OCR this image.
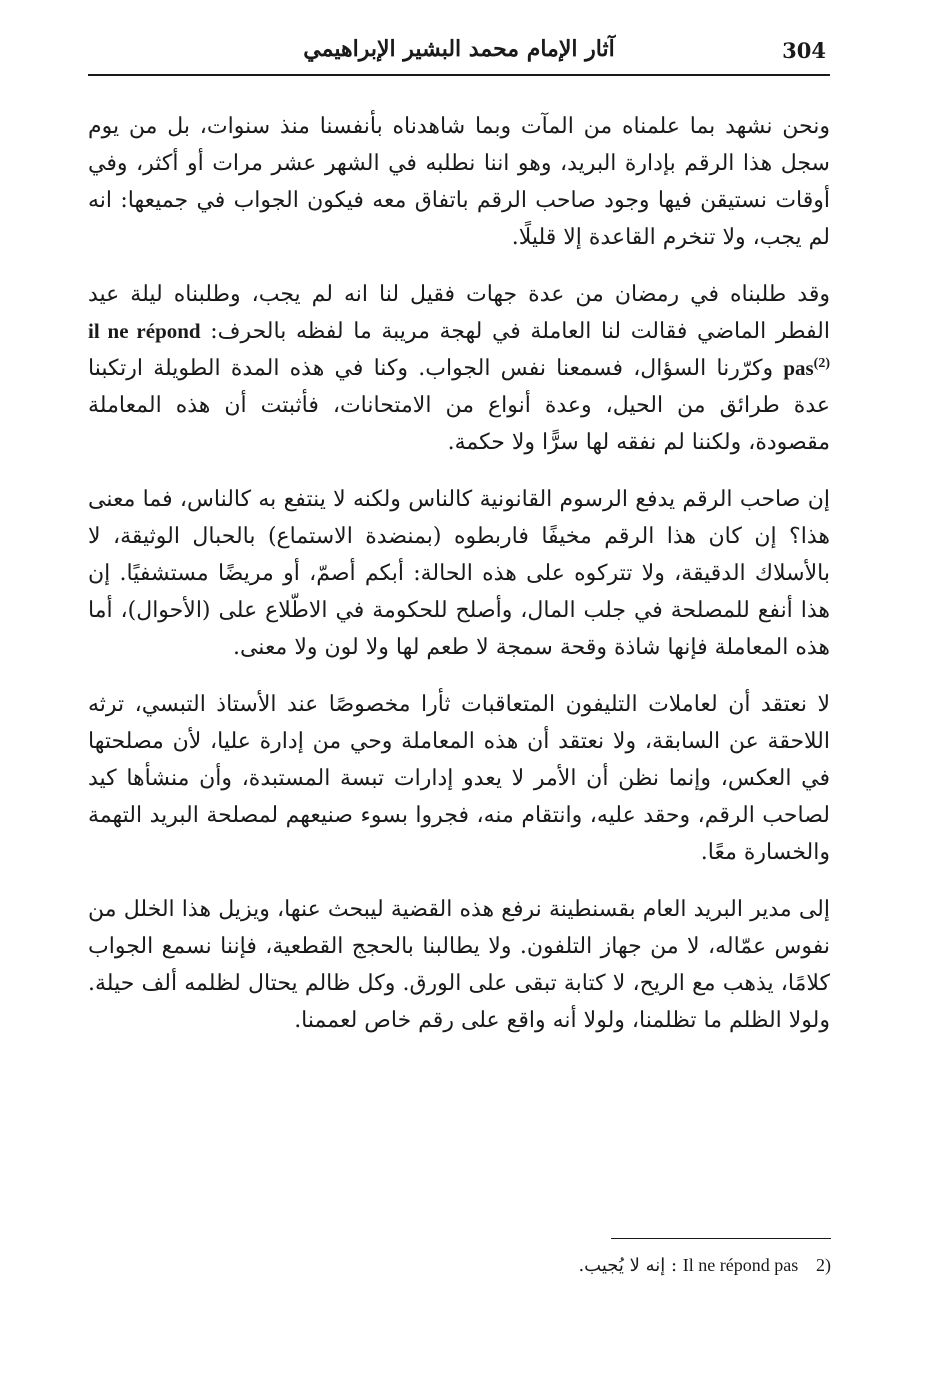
304
آثار الإمام محمد البشير الإبراهيمي

ونحن نشهد بما علمناه من المآت وبما شاهدناه بأنفسنا منذ سنوات، بل من يوم سجل هذا الرقم بإدارة البريد، وهو اننا نطلبه في الشهر عشر مرات أو أكثر، وفي أوقات نستيقن فيها وجود صاحب الرقم باتفاق معه فيكون الجواب في جميعها: انه لم يجب، ولا تنخرم القاعدة إلا قليلًا.

وقد طلبناه في رمضان من عدة جهات فقيل لنا انه لم يجب، وطلبناه ليلة عيد الفطر الماضي فقالت لنا العاملة في لهجة مريبة ما لفظه بالحرف: il ne répond pas$^{(2)}$ وكرّرنا السؤال، فسمعنا نفس الجواب. وكنا في هذه المدة الطويلة ارتكبنا عدة طرائق من الحيل، وعدة أنواع من الامتحانات، فأثبتت أن هذه المعاملة مقصودة، ولكننا لم نفقه لها سرًّا ولا حكمة.

إن صاحب الرقم يدفع الرسوم القانونية كالناس ولكنه لا ينتفع به كالناس، فما معنى هذا؟ إن كان هذا الرقم مخيفًا فاربطوه (بمنضدة الاستماع) بالحبال الوثيقة، لا بالأسلاك الدقيقة، ولا تتركوه على هذه الحالة: أبكم أصمّ، أو مريضًا مستشفيًا. إن هذا أنفع للمصلحة في جلب المال، وأصلح للحكومة في الاطّلاع على (الأحوال)، أما هذه المعاملة فإنها شاذة وقحة سمجة لا طعم لها ولا لون ولا معنى.

لا نعتقد أن لعاملات التليفون المتعاقبات ثأرا مخصوصًا عند الأستاذ التبسي، ترثه اللاحقة عن السابقة، ولا نعتقد أن هذه المعاملة وحي من إدارة عليا، لأن مصلحتها في العكس، وإنما نظن أن الأمر لا يعدو إدارات تبسة المستبدة، وأن منشأها كيد لصاحب الرقم، وحقد عليه، وانتقام منه، فجروا بسوء صنيعهم لمصلحة البريد التهمة والخسارة معًا.

إلى مدير البريد العام بقسنطينة نرفع هذه القضية ليبحث عنها، ويزيل هذا الخلل من نفوس عمّاله، لا من جهاز التلفون. ولا يطالبنا بالحجج القطعية، فإننا نسمع الجواب كلامًا، يذهب مع الريح، لا كتابة تبقى على الورق. وكل ظالم يحتال لظلمه ألف حيلة. ولولا الظلم ما تظلمنا، ولولا أنه واقع على رقم خاص لعممنا.

2) Il ne répond pas : إنه لا يُجيب.
